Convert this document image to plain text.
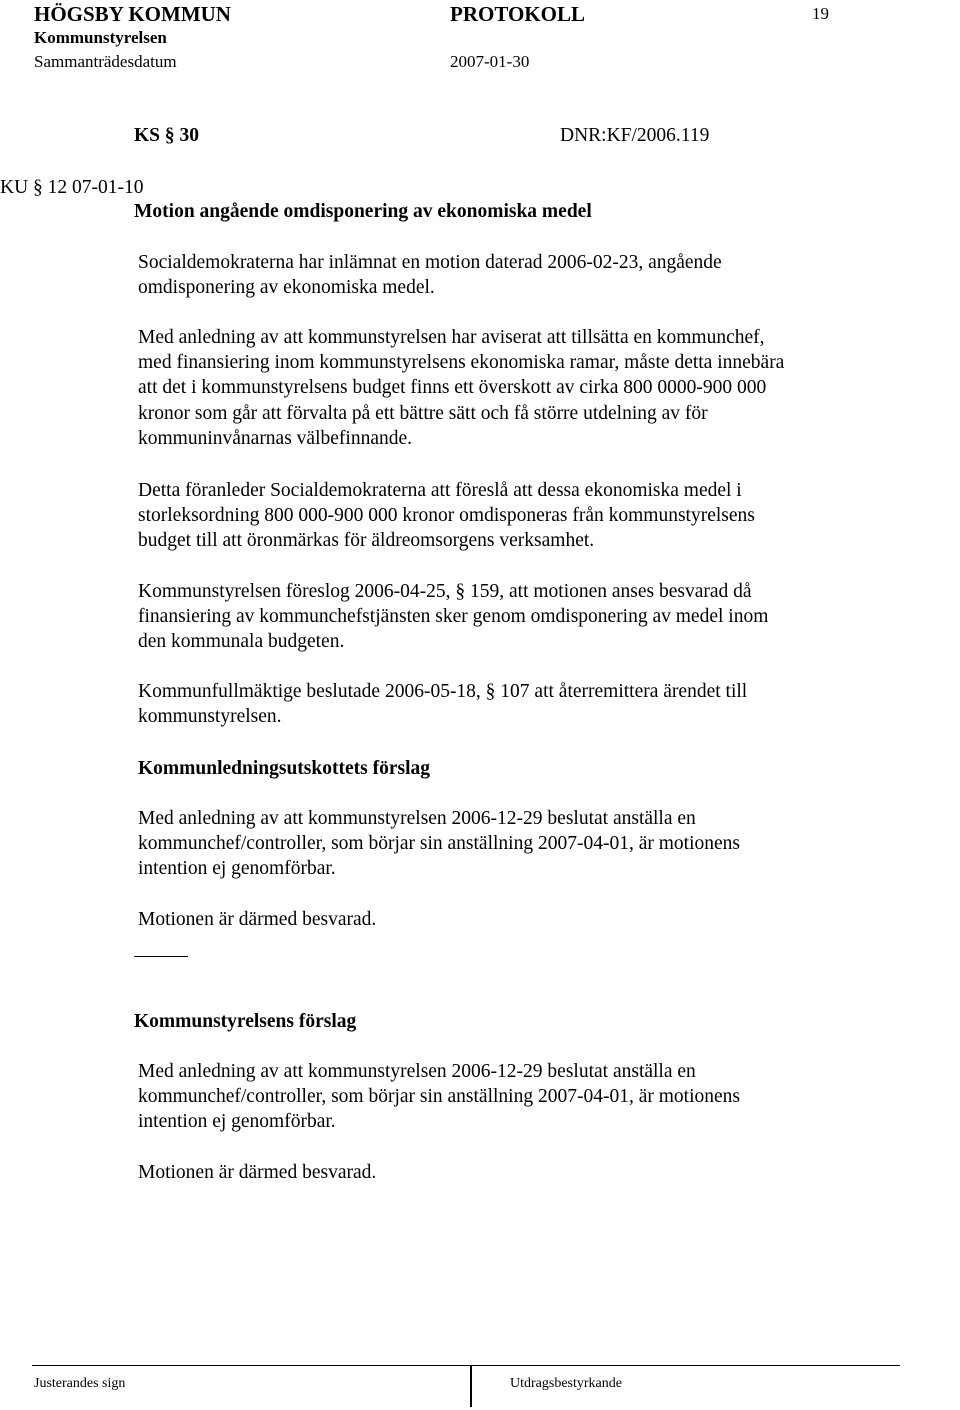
HÖGSBY KOMMUN	PROTOKOLL	19
Kommunstyrelsen
Sammanträdesdatum	2007-01-30
KS § 30	DNR:KF/2006.119
KU § 12 07-01-10
Motion angående omdisponering av ekonomiska medel
Socialdemokraterna har inlämnat en motion daterad 2006-02-23, angående
omdisponering av ekonomiska medel.
Med anledning av att kommunstyrelsen har aviserat att tillsätta en kommunchef,
med finansiering inom kommunstyrelsens ekonomiska ramar, måste detta innebära
att det i kommunstyrelsens budget finns ett överskott av cirka 800 0000-900 000
kronor som går att förvalta på ett bättre sätt och få större utdelning av för
kommuninvånarnas välbefinnande.
Detta föranleder Socialdemokraterna att föreslå att dessa ekonomiska medel i
storleksordning 800 000-900 000 kronor omdisponeras från kommunstyrelsens
budget till att öronmärkas för äldreomsorgens verksamhet.
Kommunstyrelsen föreslog 2006-04-25, § 159, att motionen anses besvarad då
finansiering av kommunchefstjänsten sker genom omdisponering av medel inom
den kommunala budgeten.
Kommunfullmäktige beslutade 2006-05-18, § 107 att återremittera ärendet till
kommunstyrelsen.
Kommunledningsutskottets förslag
Med anledning av att kommunstyrelsen 2006-12-29 beslutat anställa en
kommunchef/controller, som börjar sin anställning 2007-04-01, är motionens
intention ej genomförbar.
Motionen är därmed besvarad.
Kommunstyrelsens förslag
Med anledning av att kommunstyrelsen 2006-12-29 beslutat anställa en
kommunchef/controller, som börjar sin anställning 2007-04-01, är motionens
intention ej genomförbar.
Motionen är därmed besvarad.
Justerandes sign	Utdragsbestyrkande
